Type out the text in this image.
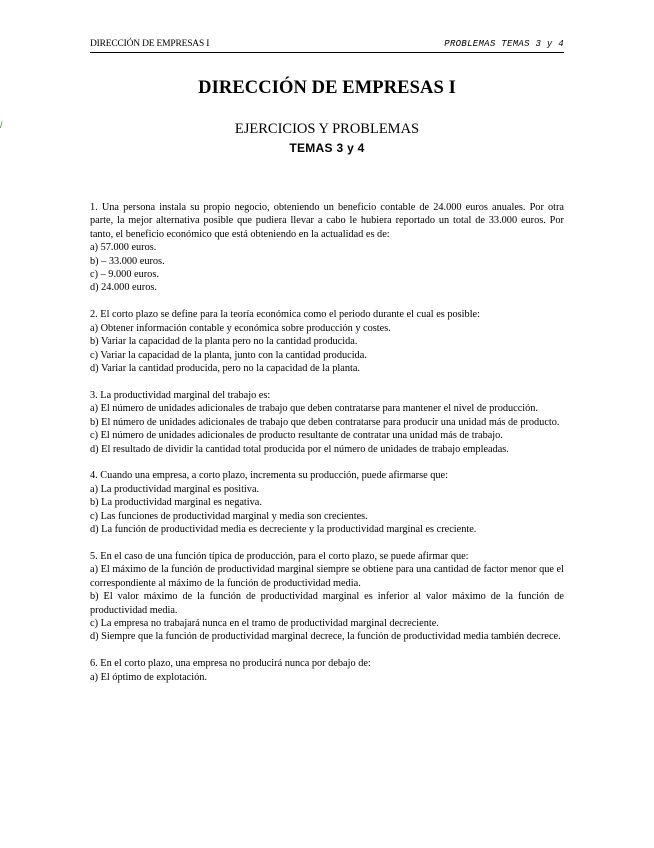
DIRECCIÓN DE EMPRESAS I	PROBLEMAS TEMAS 3 y 4
/
DIRECCIÓN DE EMPRESAS I
EJERCICIOS Y PROBLEMAS
TEMAS 3 y 4

1. Una persona instala su propio negocio, obteniendo un beneficio contable de 24.000 euros anuales. Por otra parte, la mejor alternativa posible que pudiera llevar a cabo le hubiera reportado un total de 33.000 euros. Por tanto, el beneficio económico que está obteniendo en la actualidad es de:

a) 57.000 euros.

b) – 33.000 euros.

c) – 9.000 euros.

d) 24.000 euros.

2. El corto plazo se define para la teoría económica como el periodo durante el cual es posible:

a) Obtener información contable y económica sobre producción y costes.

b) Variar la capacidad de la planta pero no la cantidad producida.

c) Variar la capacidad de la planta, junto con la cantidad producida.

d) Variar la cantidad producida, pero no la capacidad de la planta.

3. La productividad marginal del trabajo es:

a) El número de unidades adicionales de trabajo que deben contratarse para mantener el nivel de producción.

b) El número de unidades adicionales de trabajo que deben contratarse para producir una unidad más de producto.

c) El número de unidades adicionales de producto resultante de contratar una unidad más de trabajo.

d) El resultado de dividir la cantidad total producida por el número de unidades de trabajo empleadas.

4. Cuando una empresa, a corto plazo, incrementa su producción, puede afirmarse que:

a) La productividad marginal es positiva.

b) La productividad marginal es negativa.

c) Las funciones de productividad marginal y media son crecientes.

d) La función de productividad media es decreciente y la productividad marginal es creciente.

5. En el caso de una función típica de producción, para el corto plazo, se puede afirmar que:

a) El máximo de la función de productividad marginal siempre se obtiene para una cantidad de factor menor que el correspondiente al máximo de la función de productividad media.

b) El valor máximo de la función de productividad marginal es inferior al valor máximo de la función de productividad media.

c) La empresa no trabajará nunca en el tramo de productividad marginal decreciente.

d) Siempre que la función de productividad marginal decrece, la función de productividad media también decrece.

6. En el corto plazo, una empresa no producirá nunca por debajo de:

a) El óptimo de explotación.
